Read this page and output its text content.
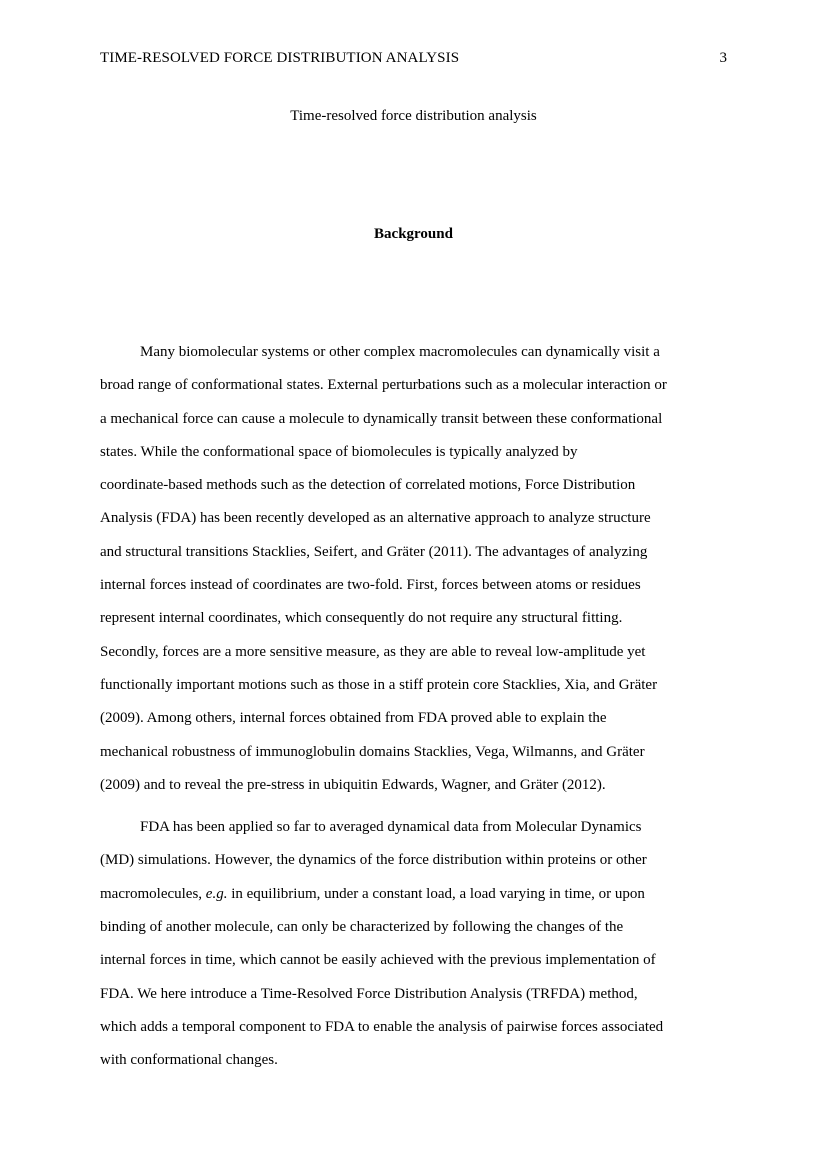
TIME-RESOLVED FORCE DISTRIBUTION ANALYSIS	3
Time-resolved force distribution analysis
Background
Many biomolecular systems or other complex macromolecules can dynamically visit a
broad range of conformational states. External perturbations such as a molecular interaction or
a mechanical force can cause a molecule to dynamically transit between these conformational
states. While the conformational space of biomolecules is typically analyzed by
coordinate-based methods such as the detection of correlated motions, Force Distribution
Analysis (FDA) has been recently developed as an alternative approach to analyze structure
and structural transitions Stacklies, Seifert, and Gräter (2011). The advantages of analyzing
internal forces instead of coordinates are two-fold. First, forces between atoms or residues
represent internal coordinates, which consequently do not require any structural fitting.
Secondly, forces are a more sensitive measure, as they are able to reveal low-amplitude yet
functionally important motions such as those in a stiff protein core Stacklies, Xia, and Gräter
(2009). Among others, internal forces obtained from FDA proved able to explain the
mechanical robustness of immunoglobulin domains Stacklies, Vega, Wilmanns, and Gräter
(2009) and to reveal the pre-stress in ubiquitin Edwards, Wagner, and Gräter (2012).
FDA has been applied so far to averaged dynamical data from Molecular Dynamics
(MD) simulations. However, the dynamics of the force distribution within proteins or other
macromolecules, e.g. in equilibrium, under a constant load, a load varying in time, or upon
binding of another molecule, can only be characterized by following the changes of the
internal forces in time, which cannot be easily achieved with the previous implementation of
FDA. We here introduce a Time-Resolved Force Distribution Analysis (TRFDA) method,
which adds a temporal component to FDA to enable the analysis of pairwise forces associated
with conformational changes.
